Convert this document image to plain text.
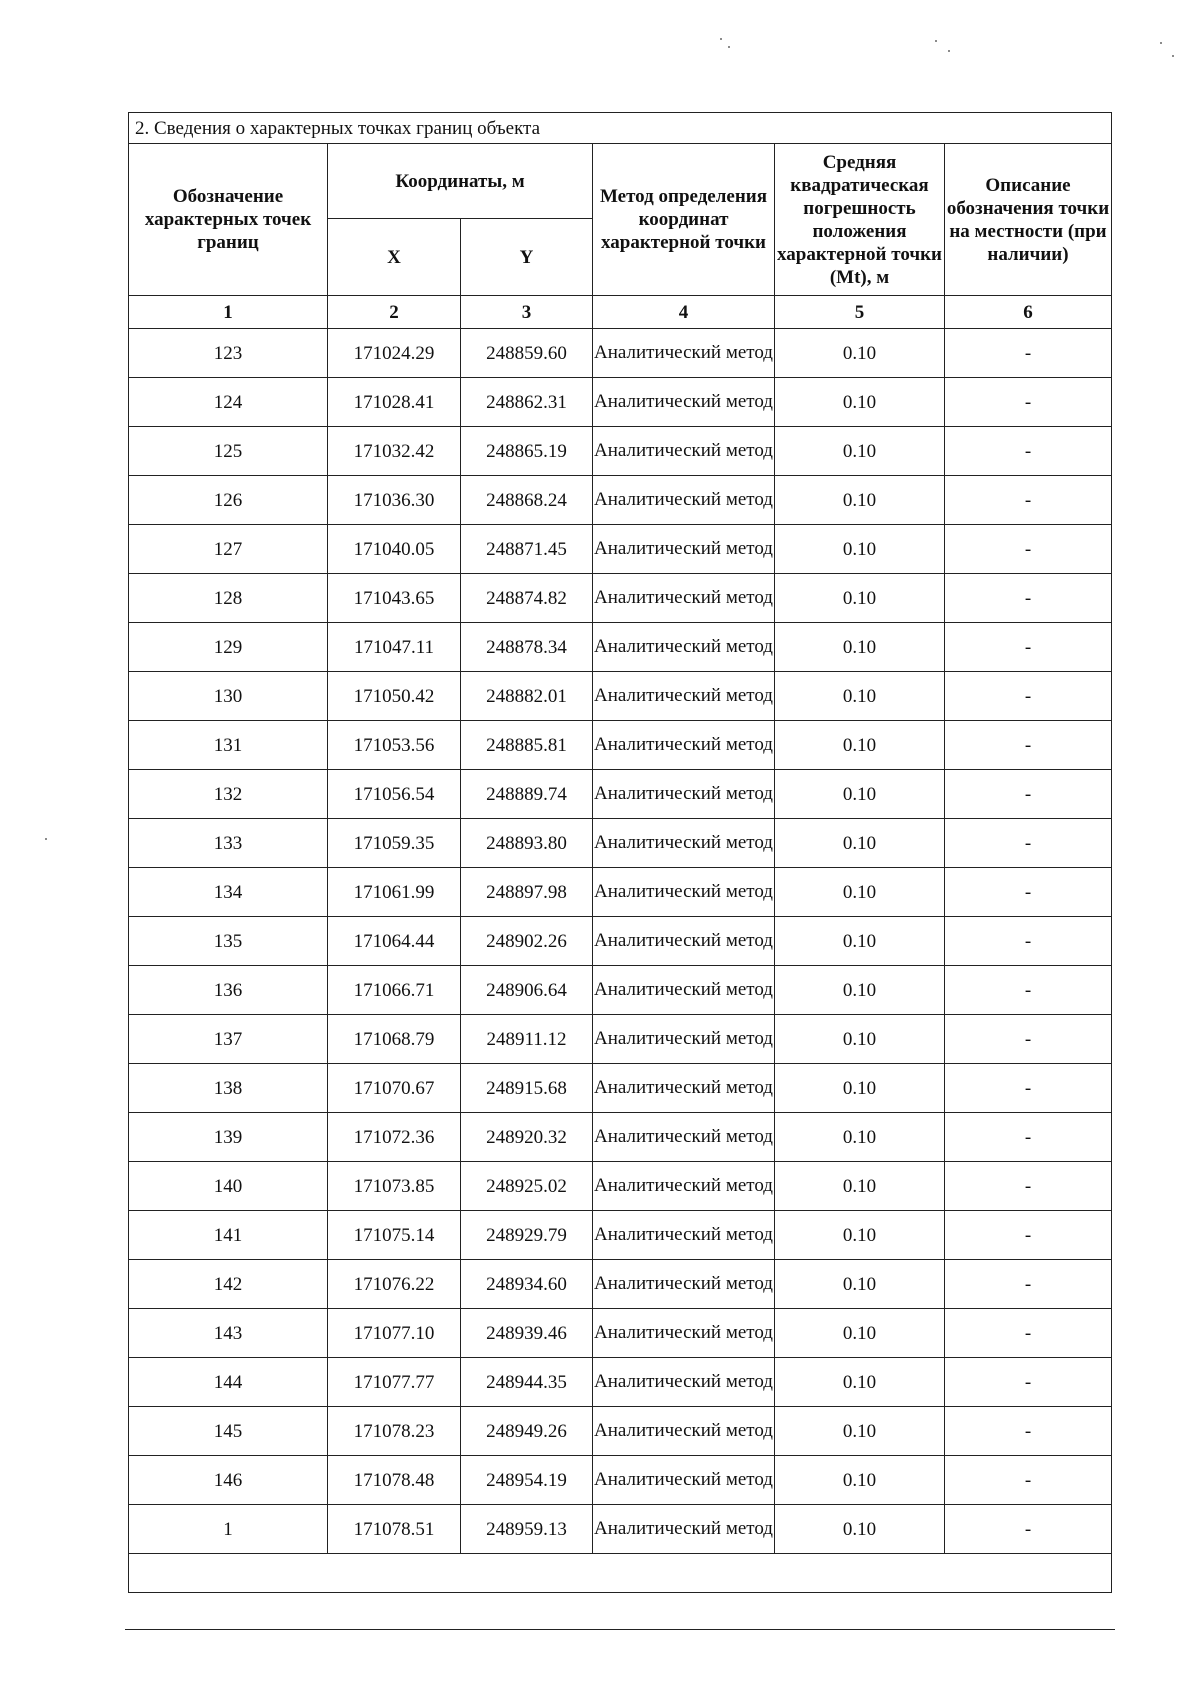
2. Сведения о характерных точках границ объекта					
Обозначение характерных точек границ	Координаты, м		Метод определения координат характерной точки	Средняя квадратическая погрешность положения характерной точки (Mt), м	Описание обозначения точки на местности (при наличии)
	X	Y			
1	2	3	4	5	6
123	171024.29	248859.60	Аналитический метод	0.10	-
124	171028.41	248862.31	Аналитический метод	0.10	-
125	171032.42	248865.19	Аналитический метод	0.10	-
126	171036.30	248868.24	Аналитический метод	0.10	-
127	171040.05	248871.45	Аналитический метод	0.10	-
128	171043.65	248874.82	Аналитический метод	0.10	-
129	171047.11	248878.34	Аналитический метод	0.10	-
130	171050.42	248882.01	Аналитический метод	0.10	-
131	171053.56	248885.81	Аналитический метод	0.10	-
132	171056.54	248889.74	Аналитический метод	0.10	-
133	171059.35	248893.80	Аналитический метод	0.10	-
134	171061.99	248897.98	Аналитический метод	0.10	-
135	171064.44	248902.26	Аналитический метод	0.10	-
136	171066.71	248906.64	Аналитический метод	0.10	-
137	171068.79	248911.12	Аналитический метод	0.10	-
138	171070.67	248915.68	Аналитический метод	0.10	-
139	171072.36	248920.32	Аналитический метод	0.10	-
140	171073.85	248925.02	Аналитический метод	0.10	-
141	171075.14	248929.79	Аналитический метод	0.10	-
142	171076.22	248934.60	Аналитический метод	0.10	-
143	171077.10	248939.46	Аналитический метод	0.10	-
144	171077.77	248944.35	Аналитический метод	0.10	-
145	171078.23	248949.26	Аналитический метод	0.10	-
146	171078.48	248954.19	Аналитический метод	0.10	-
1	171078.51	248959.13	Аналитический метод	0.10	-
